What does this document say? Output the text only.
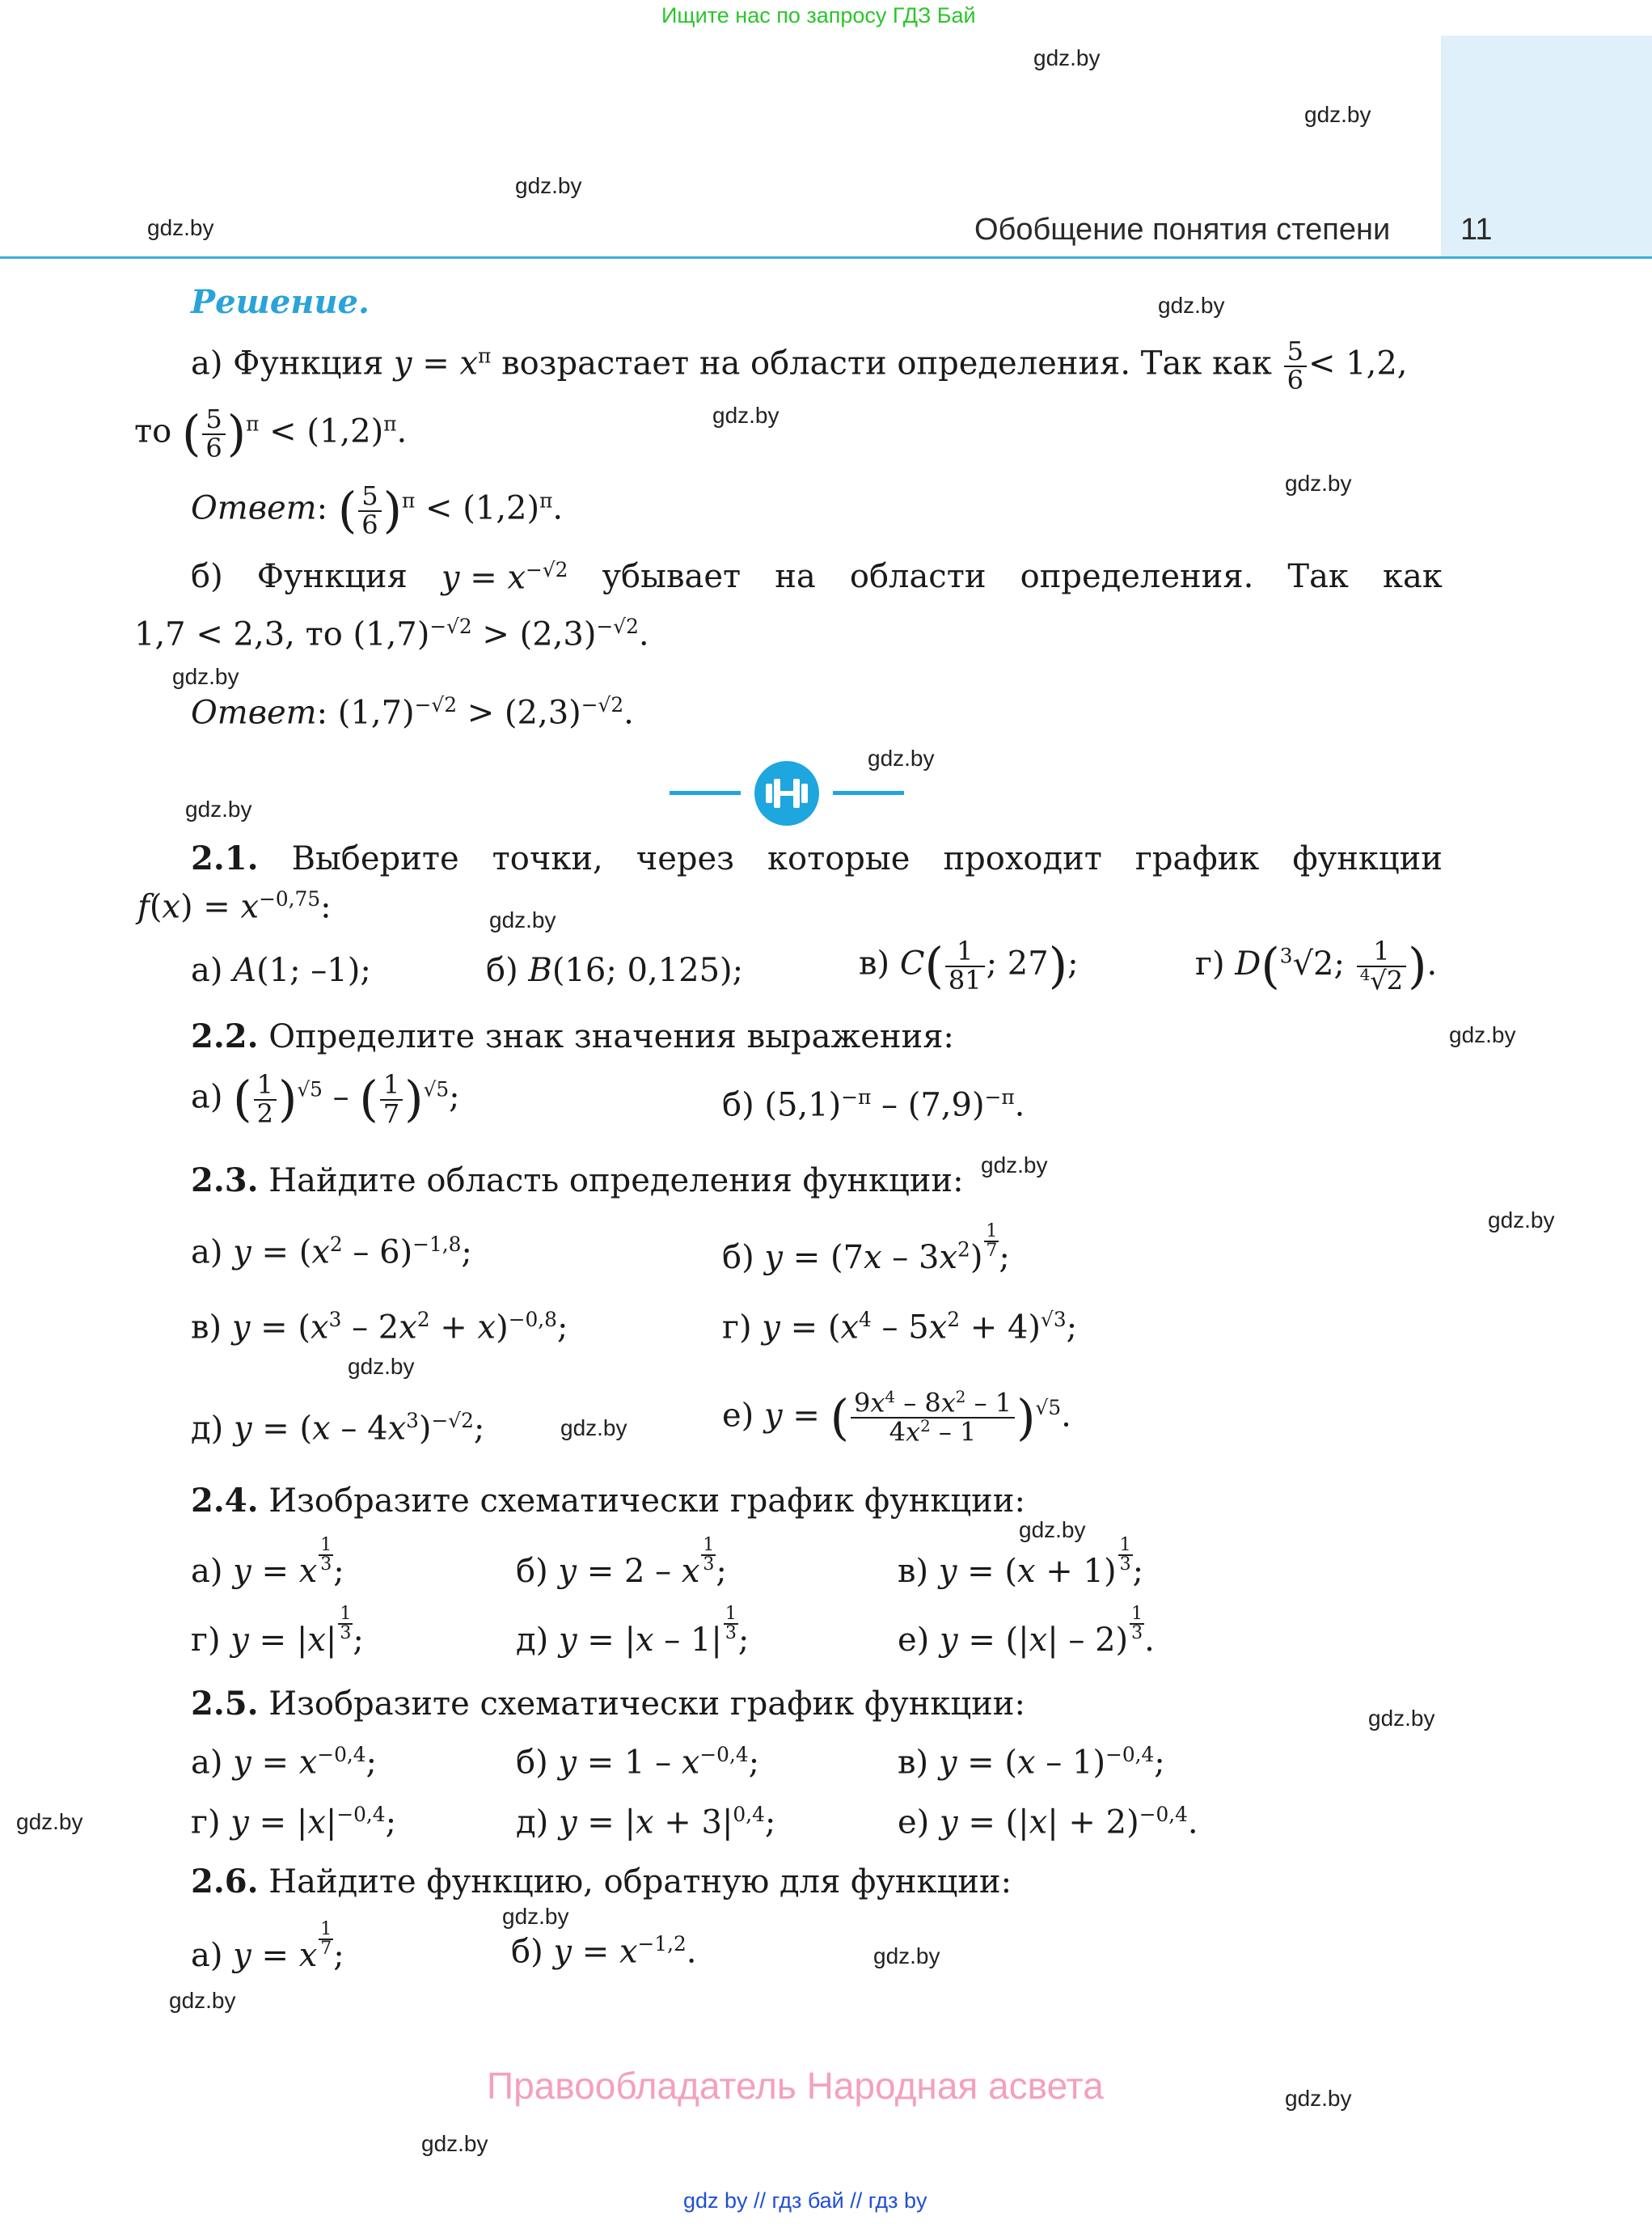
Ищите нас по запросу ГДЗ Бай
Обобщение понятия степени 11
gdz.by
gdz.by
gdz.by
gdz.by
gdz.by
gdz.by
gdz.by
gdz.by
gdz.by
gdz.by
gdz.by
gdz.by
gdz.by
gdz.by
gdz.by
gdz.by
gdz.by
gdz.by
gdz.by
gdz.by
gdz.by
gdz.by
gdz.by
gdz.by
Решение.
а) Функция $y = x^\pi$ возрастает на области определения. Так как $\frac{5}{6} < 1,2$,
то ( $\frac{5}{6} )^\pi < (1,2)^\pi$.
Ответ: ( $\frac{5}{6} )^\pi < (1,2)^\pi$.
б) Функция $y = x^{-√2}$ убывает на области определения. Так как
1,7 < 2,3, то $(1,7)^{-√2} > (2,3)^{-√2}$.
Ответ: $(1,7)^{-√2} > (2,3)^{-√2}$.
2.1. Выберите точки, через которые проходит график функции
$f(x) = x^{-0,75}$:
а) A(1; –1);	б) B(16; 0,125);	в) $C( \frac{1}{81}$ ; 27);	г) D($^3$√2; $\frac{1}{^4√2}$ ).
2.2. Определите знак значения выражения:
а) ( $\frac{1}{2} )^{√5}$ – ( $\frac{1}{7} )^{√5}$;	б) $(5,1)^{-\pi} - (7,9)^{-\pi}$.
2.3. Найдите область определения функции:
а) $y = (x^2 - 6)^{-1,8}$;	б) $y = (7x - 3x^2) \frac{1}{7}$ ;
в) $y = (x^3 - 2x^2 + x)^{-0,8}$;	г) $y = (x^4 - 5x^2 + 4)^{√3}$;
д) $y = (x - 4x^3)^{-√2}$;	е) y = ( $\frac{9x^4 - 8x^2 - 1}{4x^2 - 1} )^{√5}$.
2.4. Изобразите схематически график функции:
а) y = x $\frac{1}{3}$ ;	б) y = 2 – x $\frac{1}{3}$ ;	в) $y = (x + 1) \frac{1}{3}$ ;
г) $y = |x| \frac{1}{3}$ ;	д) $y = |x - 1| \frac{1}{3}$ ;	е) $y = (|x| - 2) \frac{1}{3}$ .
2.5. Изобразите схематически график функции:
а) $y = x^{-0,4}$;	б) $y = 1 - x^{-0,4}$;	в) y = (x – 1)$^{-0,4}$;
г) $y = |x|^{-0,4}$;	д) $y = |x + 3|^{0,4}$;	е) $y = (|x| + 2)^{-0,4}$.
2.6. Найдите функцию, обратную для функции:
а) y = x $\frac{1}{7}$ ;	б) $y = x^{-1,2}$.
Правообладатель Народная асвета
gdz by // гдз бай // гдз by
